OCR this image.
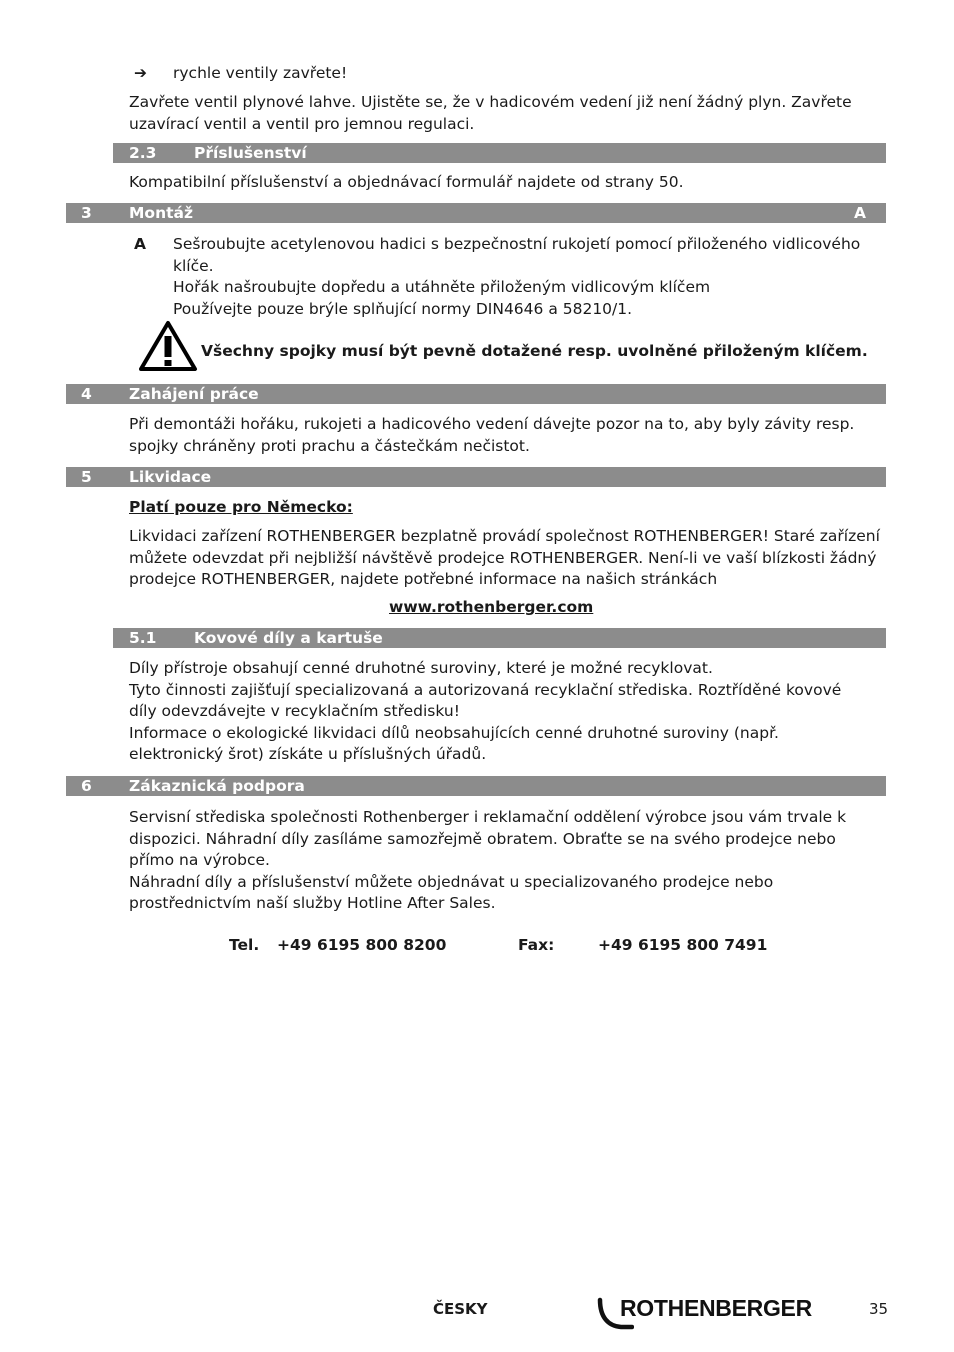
➔ rychle ventily zavřete!
Zavřete ventil plynové lahve. Ujistěte se, že v hadicovém vedení již není žádný plyn. Zavřete
uzavírací ventil a ventil pro jemnou regulaci.
2.3 Příslušenství
Kompatibilní příslušenství a objednávací formulář najdete od strany 50.
3 Montáž	A
A Sešroubujte acetylenovou hadici s bezpečnostní rukojetí pomocí přiloženého vidlicového
klíče.
Hořák našroubujte dopředu a utáhněte přiloženým vidlicovým klíčem
Používejte pouze brýle splňující normy DIN4646 a 58210/1.
Všechny spojky musí být pevně dotažené resp. uvolněné přiloženým klíčem.
4 Zahájení práce
Při demontáži hořáku, rukojeti a hadicového vedení dávejte pozor na to, aby byly závity resp.
spojky chráněny proti prachu a částečkám nečistot.
5 Likvidace
Platí pouze pro Německo:
Likvidaci zařízení ROTHENBERGER bezplatně provádí společnost ROTHENBERGER! Staré zařízení
můžete odevzdat při nejbližší návštěvě prodejce ROTHENBERGER. Není-li ve vaší blízkosti žádný
prodejce ROTHENBERGER, najdete potřebné informace na našich stránkách
www.rothenberger.com
5.1 Kovové díly a kartuše
Díly přístroje obsahují cenné druhotné suroviny, které je možné recyklovat.
Tyto činnosti zajišťují specializovaná a autorizovaná recyklační střediska. Roztříděné kovové
díly odevzdávejte v recyklačním středisku!
Informace o ekologické likvidaci dílů neobsahujících cenné druhotné suroviny (např.
elektronický šrot) získáte u příslušných úřadů.
6 Zákaznická podpora
Servisní střediska společnosti Rothenberger i reklamační oddělení výrobce jsou vám trvale k
dispozici. Náhradní díly zasíláme samozřejmě obratem. Obraťte se na svého prodejce nebo
přímo na výrobce.
Náhradní díly a příslušenství můžete objednávat u specializovaného prodejce nebo
prostřednictvím naší služby Hotline After Sales.
Tel. +49 6195 800 8200	Fax:	+49 6195 800 7491
ČESKY	ROTHENBERGER	35
